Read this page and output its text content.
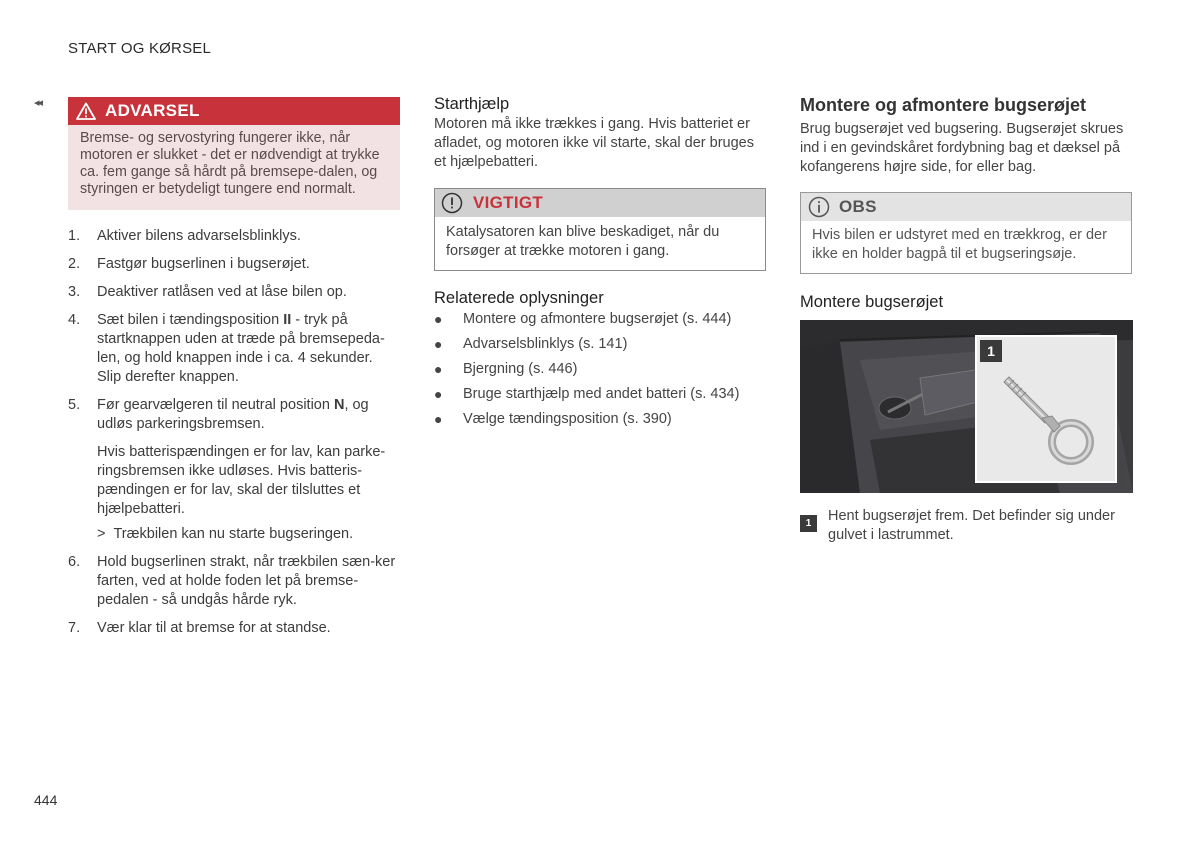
START OG KØRSEL
◂◂	ADVARSEL
Bremse- og servostyring fungerer ikke, når motoren er slukket - det er nødvendigt at trykke ca. fem gange så hårdt på bremsepe-dalen, og styringen er betydeligt tungere end normalt.
1.	Aktiver bilens advarselsblinklys.
2.	Fastgør bugserlinen i bugserøjet.
3.	Deaktiver ratlåsen ved at låse bilen op.
4.	Sæt bilen i tændingsposition II - tryk på startknappen uden at træde på bremsepeda-len, og hold knappen inde i ca. 4 sekunder. Slip derefter knappen.
5.	Før gearvælgeren til neutral position N, og udløs parkeringsbremsen.
Hvis batterispændingen er for lav, kan parke-ringsbremsen ikke udløses. Hvis batteris-pændingen er for lav, skal der tilsluttes et hjælpebatteri.
> Trækbilen kan nu starte bugseringen.
6.	Hold bugserlinen strakt, når trækbilen sæn-ker farten, ved at holde foden let på bremse-pedalen - så undgås hårde ryk.
7.	Vær klar til at bremse for at standse.
Starthjælp

Motoren må ikke trækkes i gang. Hvis batteriet er afladet, og motoren ikke vil starte, skal der bruges et hjælpebatteri.

VIGTIGT
Katalysatoren kan blive beskadiget, når du forsøger at trække motoren i gang.
Relaterede oplysninger
●	Montere og afmontere bugserøjet (s. 444)
●	Advarselsblinklys (s. 141)
●	Bjergning (s. 446)
●	Bruge starthjælp med andet batteri (s. 434)
●	Vælge tændingsposition (s. 390)
Montere og afmontere bugserøjet

Brug bugserøjet ved bugsering. Bugserøjet skrues ind i en gevindskåret fordybning bag et dæksel på kofangerens højre side, for eller bag.

OBS
Hvis bilen er udstyret med en trækkrog, er der ikke en holder bagpå til et bugseringsøje.
Montere bugserøjet
G063748
1
1	Hent bugserøjet frem. Det befinder sig under gulvet i lastrummet.
444
